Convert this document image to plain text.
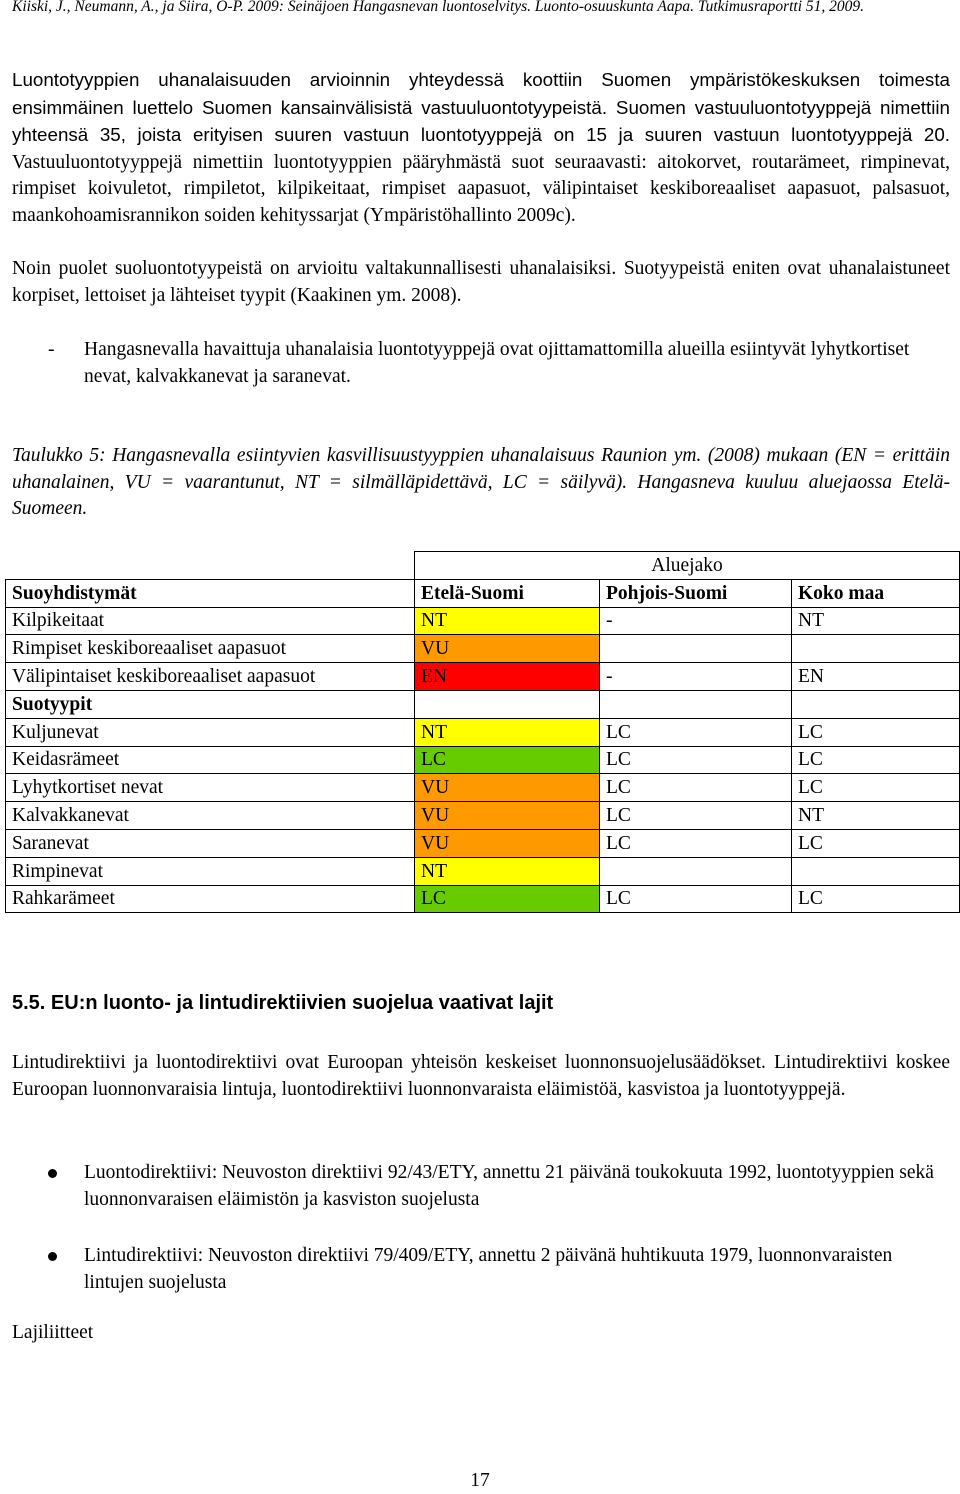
Kiiski, J., Neumann, A., ja Siira, O-P. 2009: Seinäjoen Hangasnevan luontoselvitys. Luonto-osuuskunta Aapa. Tutkimusraportti 51, 2009.

Luontotyyppien uhanalaisuuden arvioinnin yhteydessä koottiin Suomen ympäristökeskuksen toimesta ensimmäinen luettelo Suomen kansainvälisistä vastuuluontotyypeistä. Suomen vastuuluontotyyppejä nimettiin yhteensä 35, joista erityisen suuren vastuun luontotyyppejä on 15 ja suuren vastuun luontotyyppejä 20. Vastuuluontotyyppejä nimettiin luontotyyppien pääryhmästä suot seuraavasti: aitokorvet, routarämeet, rimpinevat, rimpiset koivuletot, rimpiletot, kilpikeitaat, rimpiset aapasuot, välipintaiset keskiboreaaliset aapasuot, palsasuot, maankohoamisrannikon soiden kehityssarjat (Ympäristöhallinto 2009c).

Noin puolet suoluontotyypeistä on arvioitu valtakunnallisesti uhanalaisiksi. Suotyypeistä eniten ovat uhanalaistuneet korpiset, lettoiset ja lähteiset tyypit (Kaakinen ym. 2008).

- Hangasnevalla havaittuja uhanalaisia luontotyyppejä ovat ojittamattomilla alueilla esiintyvät lyhytkortiset nevat, kalvakkanevat ja saranevat.

Taulukko 5: Hangasnevalla esiintyvien kasvillisuustyyppien uhanalaisuus Raunion ym. (2008) mukaan (EN = erittäin uhanalainen, VU = vaarantunut, NT = silmälläpidettävä, LC = säilyvä). Hangasneva kuuluu aluejaossa Etelä-Suomeen.

	Aluejako		
Suoyhdistymät	Etelä-Suomi	Pohjois-Suomi	Koko maa
Kilpikeitaat	NT	-	NT
Rimpiset keskiboreaaliset aapasuot	VU		
Välipintaiset keskiboreaaliset aapasuot	EN	-	EN
Suotyypit			
Kuljunevat	NT	LC	LC
Keidasrämeet	LC	LC	LC
Lyhytkortiset nevat	VU	LC	LC
Kalvakkanevat	VU	LC	NT
Saranevat	VU	LC	LC
Rimpinevat	NT		
Rahkarämeet	LC	LC	LC
5.5. EU:n luonto- ja lintudirektiivien suojelua vaativat lajit

Lintudirektiivi ja luontodirektiivi ovat Euroopan yhteisön keskeiset luonnonsuojelusäädökset. Lintudirektiivi koskee Euroopan luonnonvaraisia lintuja, luontodirektiivi luonnonvaraista eläimistöä, kasvistoa ja luontotyyppejä.

Luontodirektiivi: Neuvoston direktiivi 92/43/ETY, annettu 21 päivänä toukokuuta 1992, luontotyyppien sekä luonnonvaraisen eläimistön ja kasviston suojelusta
Lintudirektiivi: Neuvoston direktiivi 79/409/ETY, annettu 2 päivänä huhtikuuta 1979, luonnonvaraisten lintujen suojelusta
Lajiliitteet
17
